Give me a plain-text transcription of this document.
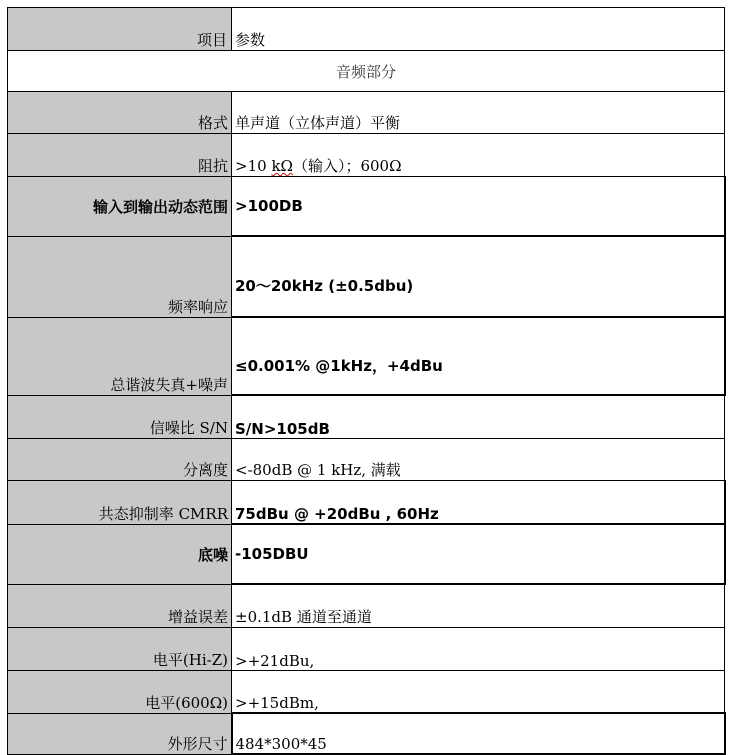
项目	参数
音频部分	
格式	单声道（立体声道）平衡
阻抗	>10 kΩ（输入）；600Ω
输入到输出动态范围	>100DB
频率响应	20～20kHz (±0.5dbu)
总谐波失真+噪声	≤0.001% @1kHz，+4dBu
信噪比 S/N	S/N>105dB
分离度	<-80dB @ 1 kHz, 满载
共态抑制率 CMRR	75dBu @ +20dBu , 60Hz
底噪	-105DBU
增益误差	±0.1dB 通道至通道
电平(Hi-Z)	>+21dBu,
电平(600Ω)	>+15dBm,
外形尺寸	484*300*45
